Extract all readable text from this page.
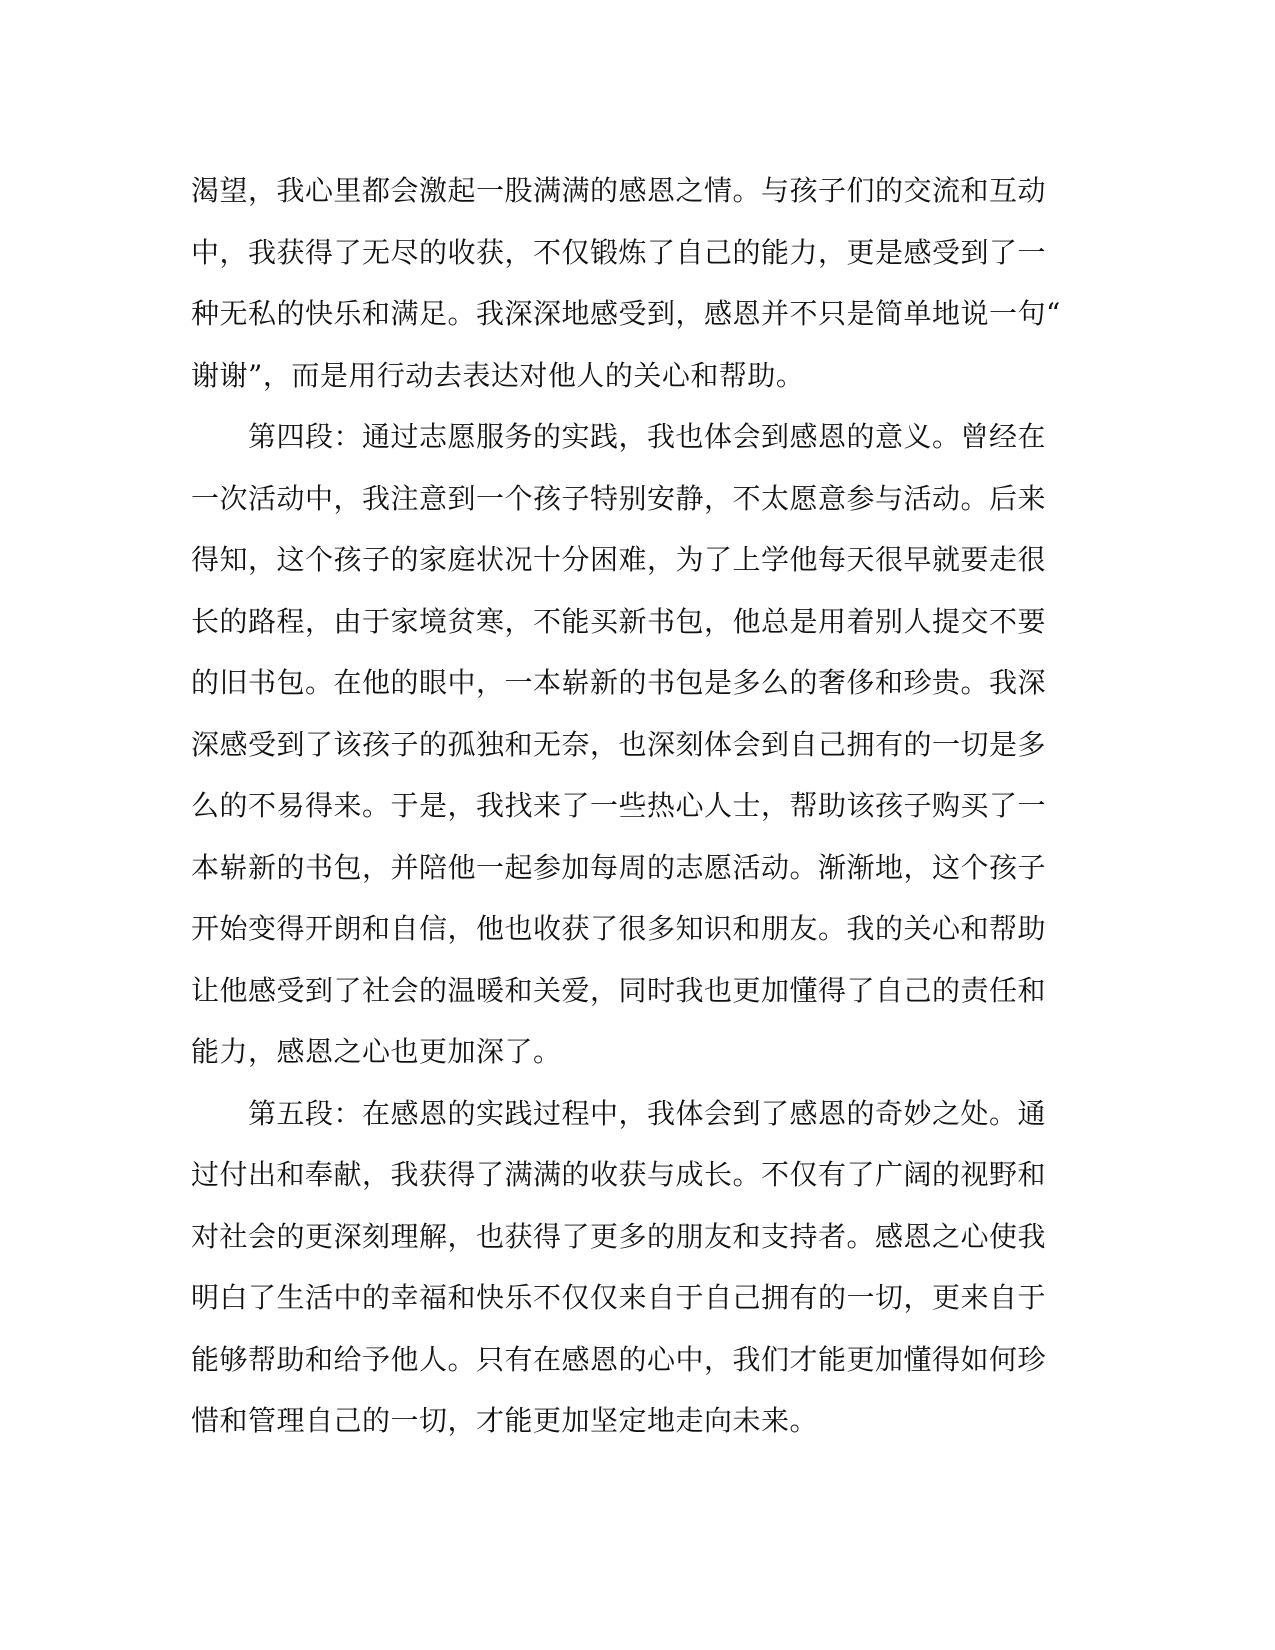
渴望，我心里都会激起一股满满的感恩之情。与孩子们的交流和互动
中，我获得了无尽的收获，不仅锻炼了自己的能力，更是感受到了一
种无私的快乐和满足。我深深地感受到，感恩并不只是简单地说一句“
谢谢”，而是用行动去表达对他人的关心和帮助。
　　第四段：通过志愿服务的实践，我也体会到感恩的意义。曾经在
一次活动中，我注意到一个孩子特别安静，不太愿意参与活动。后来
得知，这个孩子的家庭状况十分困难，为了上学他每天很早就要走很
长的路程，由于家境贫寒，不能买新书包，他总是用着别人提交不要
的旧书包。在他的眼中，一本崭新的书包是多么的奢侈和珍贵。我深
深感受到了该孩子的孤独和无奈，也深刻体会到自己拥有的一切是多
么的不易得来。于是，我找来了一些热心人士，帮助该孩子购买了一
本崭新的书包，并陪他一起参加每周的志愿活动。渐渐地，这个孩子
开始变得开朗和自信，他也收获了很多知识和朋友。我的关心和帮助
让他感受到了社会的温暖和关爱，同时我也更加懂得了自己的责任和
能力，感恩之心也更加深了。
　　第五段：在感恩的实践过程中，我体会到了感恩的奇妙之处。通
过付出和奉献，我获得了满满的收获与成长。不仅有了广阔的视野和
对社会的更深刻理解，也获得了更多的朋友和支持者。感恩之心使我
明白了生活中的幸福和快乐不仅仅来自于自己拥有的一切，更来自于
能够帮助和给予他人。只有在感恩的心中，我们才能更加懂得如何珍
惜和管理自己的一切，才能更加坚定地走向未来。
